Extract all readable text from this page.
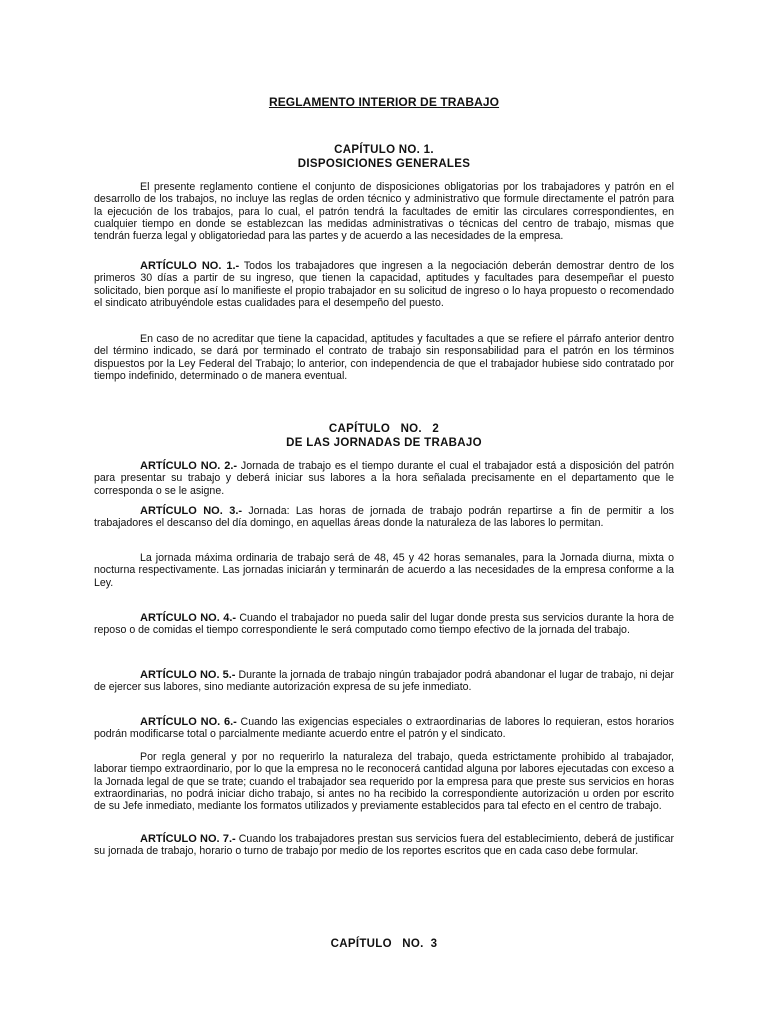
REGLAMENTO INTERIOR DE TRABAJO
CAPÍTULO NO. 1.
DISPOSICIONES GENERALES

El presente reglamento contiene el conjunto de disposiciones obligatorias por los trabajadores y patrón en el desarrollo de los trabajos, no incluye las reglas de orden técnico y administrativo que formule directamente el patrón para la ejecución de los trabajos, para lo cual, el patrón tendrá la facultades de emitir las circulares correspondientes, en cualquier tiempo en donde se establezcan las medidas administrativas o técnicas del centro de trabajo, mismas que tendrán fuerza legal y obligatoriedad para las partes y de acuerdo a las necesidades de la empresa.

ARTÍCULO NO. 1.- Todos los trabajadores que ingresen a la negociación deberán demostrar dentro de los primeros 30 días a partir de su ingreso, que tienen la capacidad, aptitudes y facultades para desempeñar el puesto solicitado, bien porque así lo manifieste el propio trabajador en su solicitud de ingreso o lo haya propuesto o recomendado el sindicato atribuyéndole estas cualidades para el desempeño del puesto.

En caso de no acreditar que tiene la capacidad, aptitudes y facultades a que se refiere el párrafo anterior dentro del término indicado, se dará por terminado el contrato de trabajo sin responsabilidad para el patrón en los términos dispuestos por la Ley Federal del Trabajo; lo anterior, con independencia de que el trabajador hubiese sido contratado por tiempo indefinido, determinado o de manera eventual.

CAPÍTULO   NO.   2
DE LAS JORNADAS DE TRABAJO

ARTÍCULO NO. 2.- Jornada de trabajo es el tiempo durante el cual el trabajador está a disposición del patrón para presentar su trabajo y deberá iniciar sus labores a la hora señalada precisamente en el departamento que le corresponda o se le asigne.

ARTÍCULO NO. 3.- Jornada: Las horas de jornada de trabajo podrán repartirse a fin de permitir a los trabajadores el descanso del día domingo, en aquellas áreas donde la naturaleza de las labores lo permitan.

La jornada máxima ordinaria de trabajo será de 48, 45 y 42 horas semanales, para la Jornada diurna, mixta o nocturna respectivamente. Las jornadas iniciarán y terminarán de acuerdo a las necesidades de la empresa conforme a la Ley.

ARTÍCULO NO. 4.- Cuando el trabajador no pueda salir del lugar donde presta sus servicios durante la hora de reposo o de comidas el tiempo correspondiente le será computado como tiempo efectivo de la jornada del trabajo.

ARTÍCULO NO. 5.- Durante la jornada de trabajo ningún trabajador podrá abandonar el lugar de trabajo, ni dejar de ejercer sus labores, sino mediante autorización expresa de su jefe inmediato.

ARTÍCULO NO. 6.- Cuando las exigencias especiales o extraordinarias de labores lo requieran, estos horarios podrán modificarse total o parcialmente mediante acuerdo entre el patrón y el sindicato.

Por regla general y por no requerirlo la naturaleza del trabajo, queda estrictamente prohibido al trabajador, laborar tiempo extraordinario, por lo que la empresa no le reconocerá cantidad alguna por labores ejecutadas con exceso a la Jornada legal de que se trate; cuando el trabajador sea requerido por la empresa para que preste sus servicios en horas extraordinarias, no podrá iniciar dicho trabajo, si antes no ha recibido la correspondiente autorización u orden por escrito de su Jefe inmediato, mediante los formatos utilizados y previamente establecidos para tal efecto en el centro de trabajo.

ARTÍCULO NO. 7.- Cuando los trabajadores prestan sus servicios fuera del establecimiento, deberá de justificar su jornada de trabajo, horario o turno de trabajo por medio de los reportes escritos que en cada caso debe formular.

CAPÍTULO   NO.  3
